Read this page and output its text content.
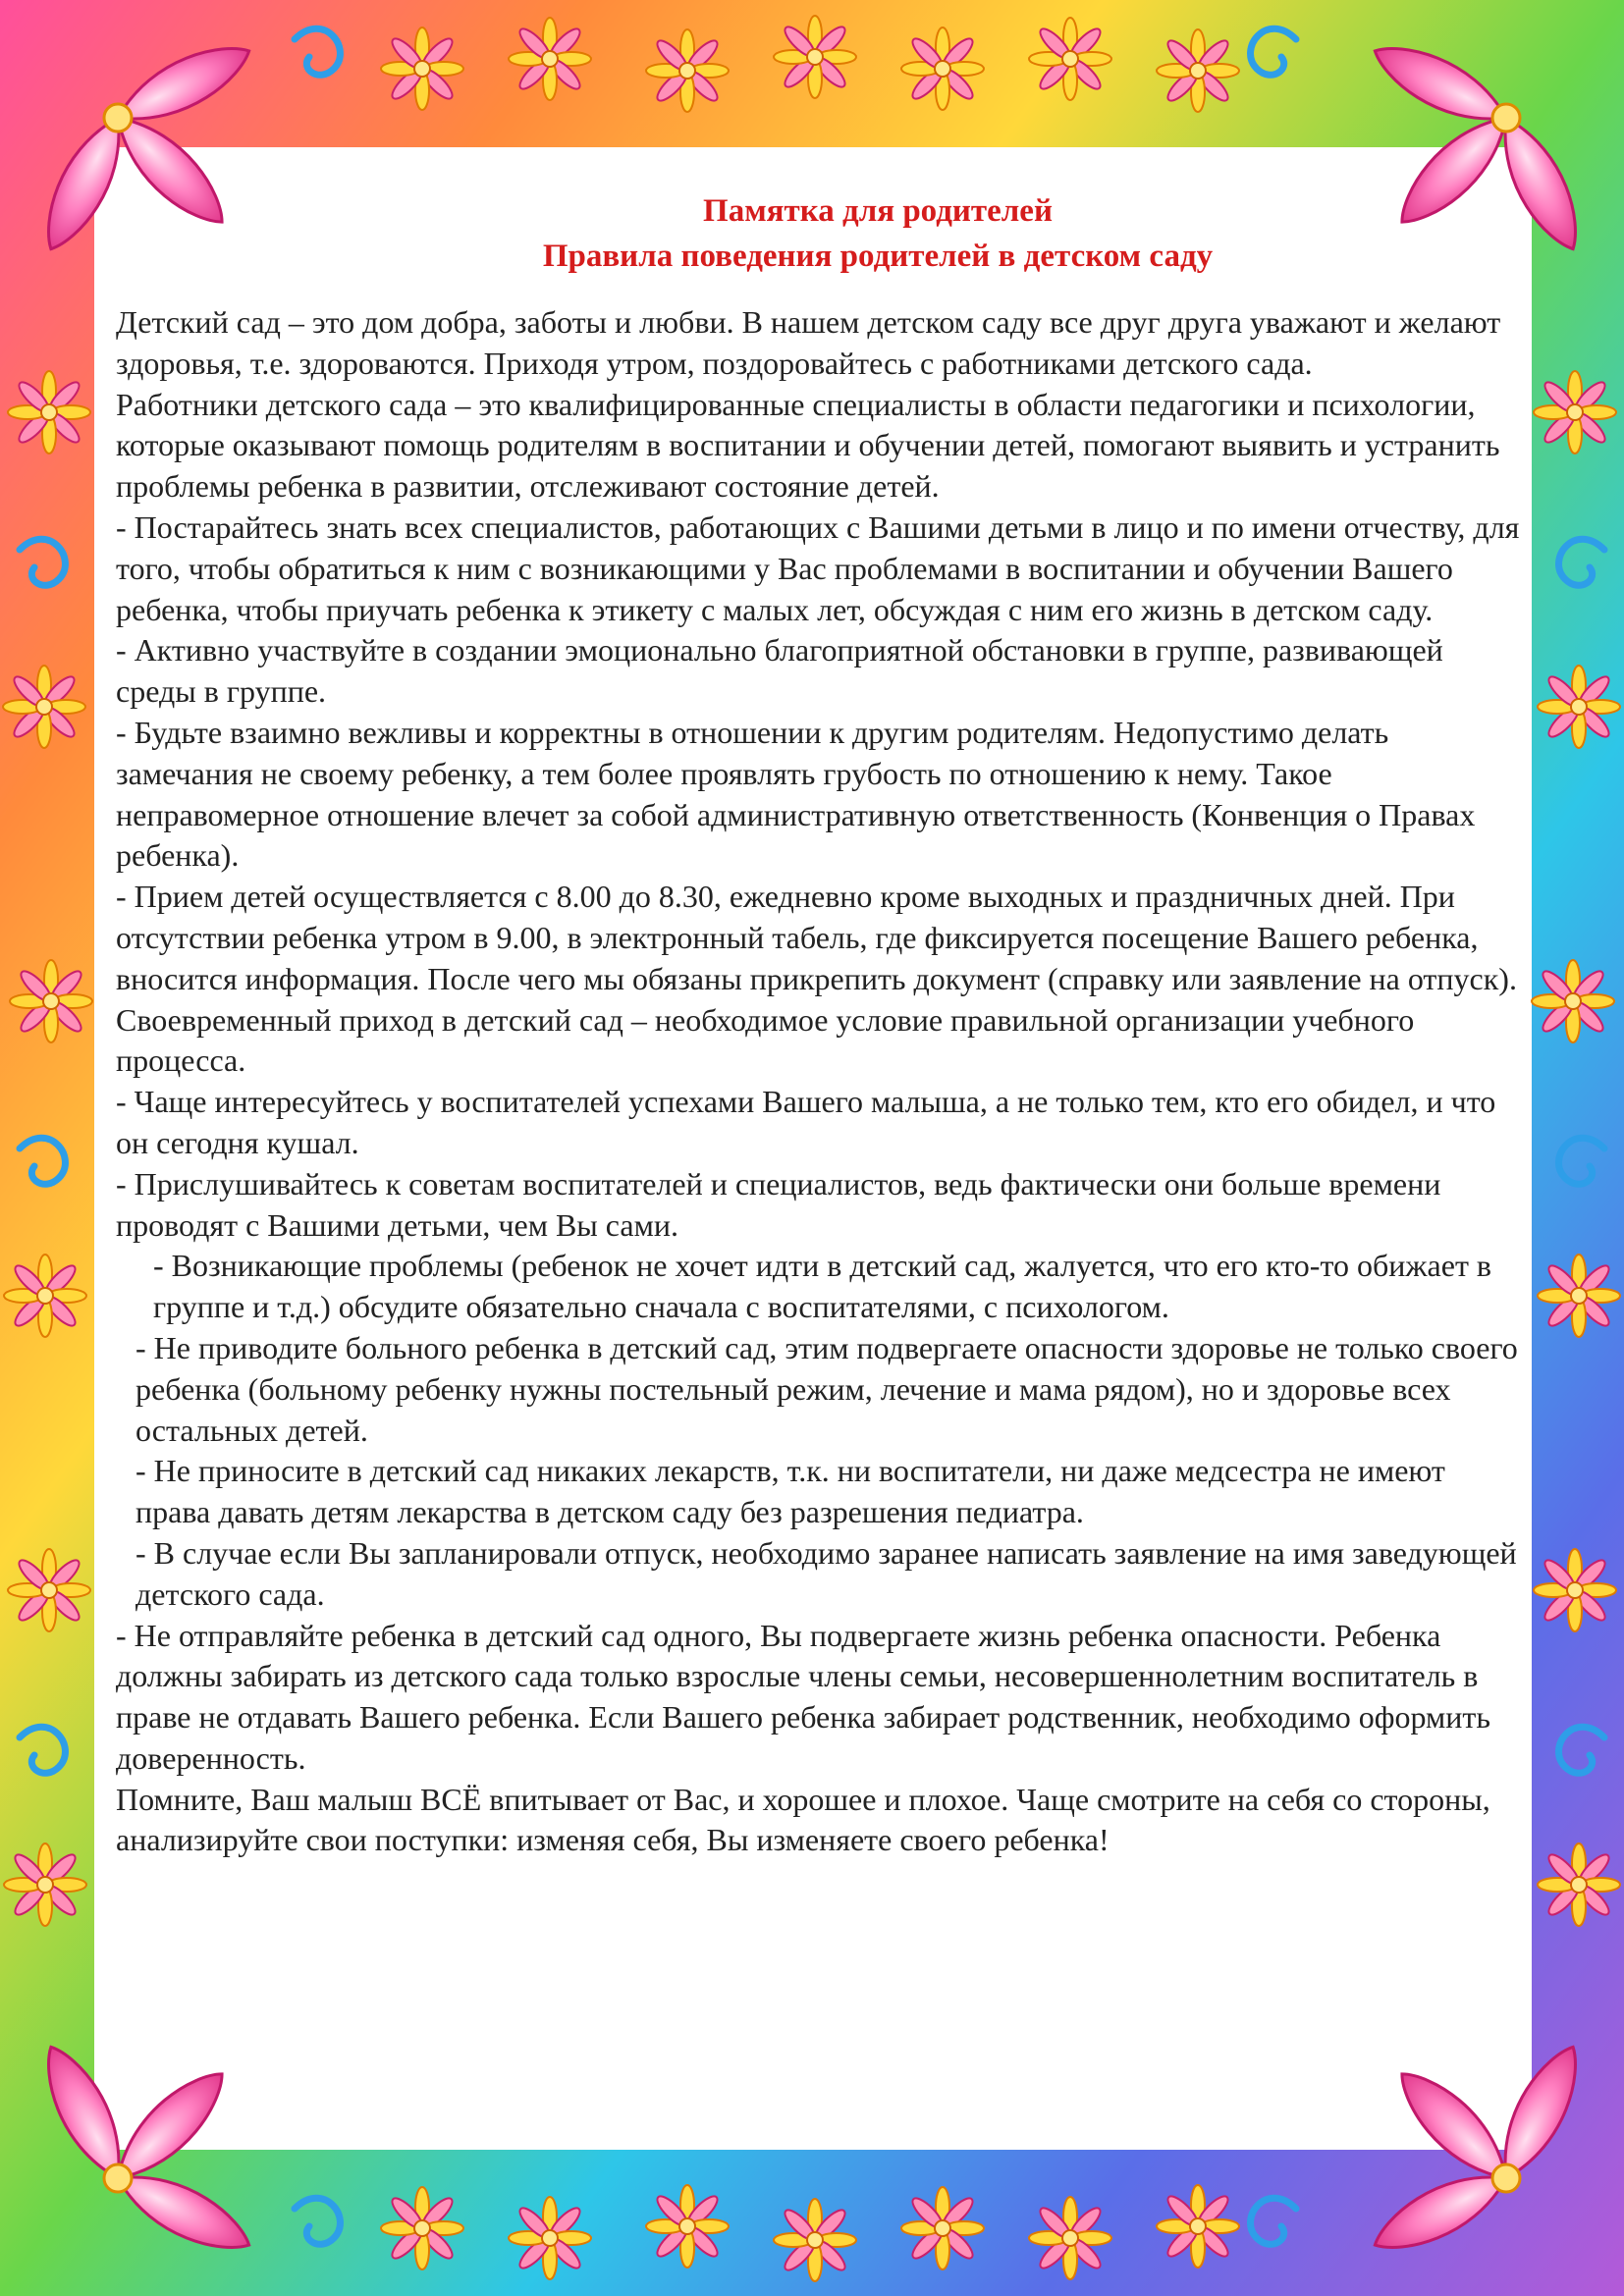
Памятка для родителей

Правила поведения родителей в детском саду

Детский сад – это дом добра, заботы и любви. В нашем детском саду все друг друга уважают и желают здоровья, т.е. здороваются. Приходя утром, поздоровайтесь с работниками детского сада.

Работники детского сада – это квалифицированные специалисты в области педагогики и психологии, которые оказывают помощь родителям в воспитании и обучении детей, помогают выявить и устранить проблемы ребенка в развитии, отслеживают состояние детей.

- Постарайтесь знать всех специалистов, работающих с Вашими детьми в лицо и по имени отчеству, для того, чтобы обратиться к ним с возникающими у Вас проблемами в воспитании и обучении Вашего ребенка, чтобы приучать ребенка к этикету с малых лет, обсуждая с ним его жизнь в детском саду.

- Активно участвуйте в создании эмоционально благоприятной обстановки в группе, развивающей среды в группе.

- Будьте взаимно вежливы и корректны в отношении к другим родителям. Недопустимо делать замечания не своему ребенку, а тем более проявлять грубость по отношению к нему. Такое неправомерное отношение влечет за собой административную ответственность (Конвенция о Правах ребенка).

- Прием детей осуществляется с 8.00 до 8.30, ежедневно кроме выходных и праздничных дней. При отсутствии ребенка утром в 9.00, в электронный табель, где фиксируется посещение Вашего ребенка, вносится информация. После чего мы обязаны прикрепить документ (справку или заявление на отпуск). Своевременный приход в детский сад – необходимое условие правильной организации учебного процесса.

- Чаще интересуйтесь у воспитателей успехами Вашего малыша, а не только тем, кто его обидел, и что он сегодня кушал.

- Прислушивайтесь к советам воспитателей и специалистов, ведь фактически они больше времени проводят с Вашими детьми, чем Вы сами.

- Возникающие проблемы (ребенок не хочет идти в детский сад, жалуется, что его кто-то обижает в группе и т.д.) обсудите обязательно сначала с воспитателями, с психологом.

- Не приводите больного ребенка в детский сад, этим подвергаете опасности здоровье не только своего ребенка (больному ребенку нужны постельный режим, лечение и мама рядом), но и здоровье всех остальных детей.

- Не приносите в детский сад никаких лекарств, т.к. ни воспитатели, ни даже медсестра не имеют права давать детям лекарства в детском саду без разрешения педиатра.

- В случае если Вы запланировали отпуск, необходимо заранее написать заявление на имя заведующей детского сада.

- Не отправляйте ребенка в детский сад одного, Вы подвергаете жизнь ребенка опасности. Ребенка должны забирать из детского сада только взрослые члены семьи, несовершеннолетним воспитатель в праве не отдавать Вашего ребенка. Если Вашего ребенка забирает родственник, необходимо оформить доверенность.

Помните, Ваш малыш ВСЁ впитывает от Вас, и хорошее и плохое. Чаще смотрите на себя со стороны, анализируйте свои поступки: изменяя себя, Вы изменяете своего ребенка!
